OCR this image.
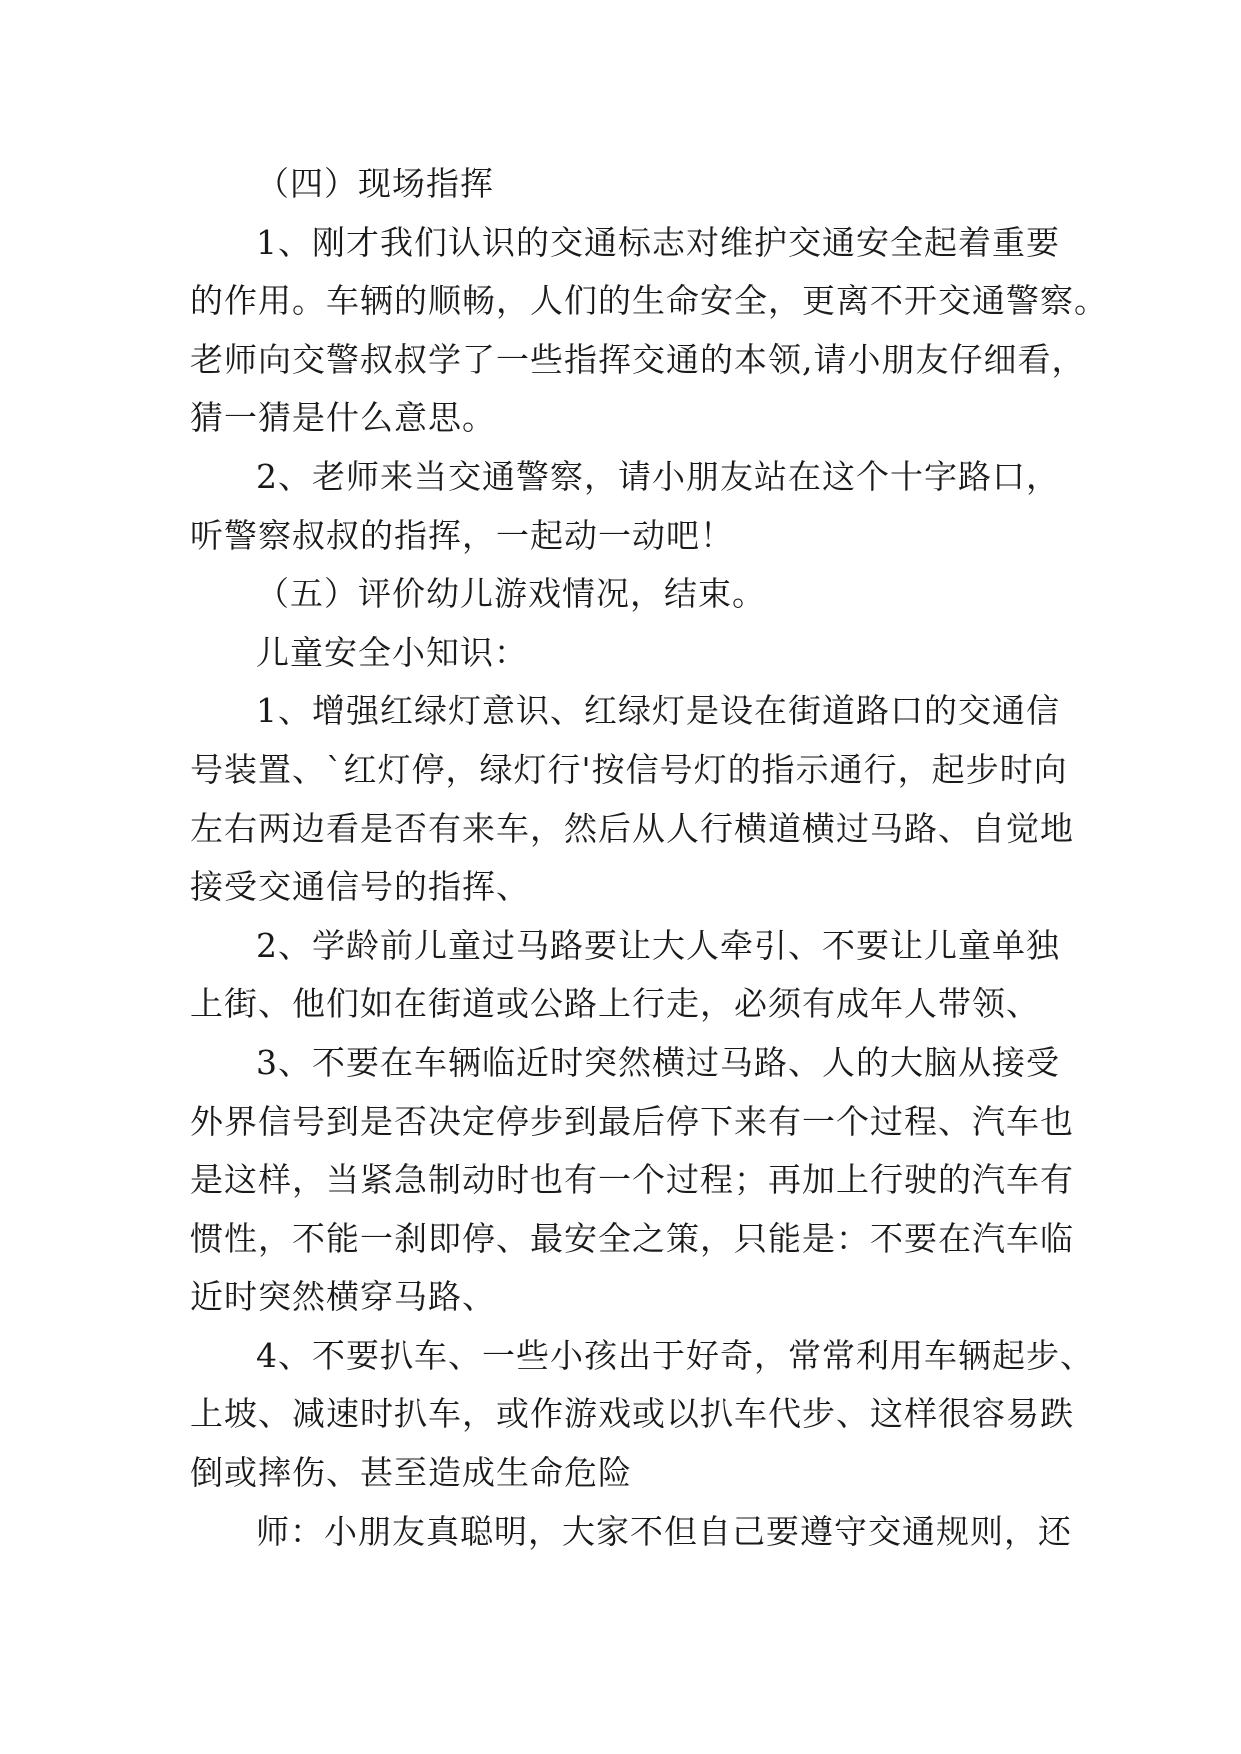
（四）现场指挥
1、刚才我们认识的交通标志对维护交通安全起着重要
的作用。车辆的顺畅，人们的生命安全，更离不开交通警察。
老师向交警叔叔学了一些指挥交通的本领,请小朋友仔细看，
猜一猜是什么意思。
2、老师来当交通警察，请小朋友站在这个十字路口，
听警察叔叔的指挥，一起动一动吧！
（五）评价幼儿游戏情况，结束。
儿童安全小知识：
1、增强红绿灯意识、红绿灯是设在街道路口的交通信
号装置、`红灯停，绿灯行'按信号灯的指示通行，起步时向
左右两边看是否有来车，然后从人行横道横过马路、自觉地
接受交通信号的指挥、
2、学龄前儿童过马路要让大人牵引、不要让儿童单独
上街、他们如在街道或公路上行走，必须有成年人带领、
3、不要在车辆临近时突然横过马路、人的大脑从接受
外界信号到是否决定停步到最后停下来有一个过程、汽车也
是这样，当紧急制动时也有一个过程；再加上行驶的汽车有
惯性，不能一刹即停、最安全之策，只能是：不要在汽车临
近时突然横穿马路、
4、不要扒车、一些小孩出于好奇，常常利用车辆起步、
上坡、减速时扒车，或作游戏或以扒车代步、这样很容易跌
倒或摔伤、甚至造成生命危险
师：小朋友真聪明，大家不但自己要遵守交通规则，还
